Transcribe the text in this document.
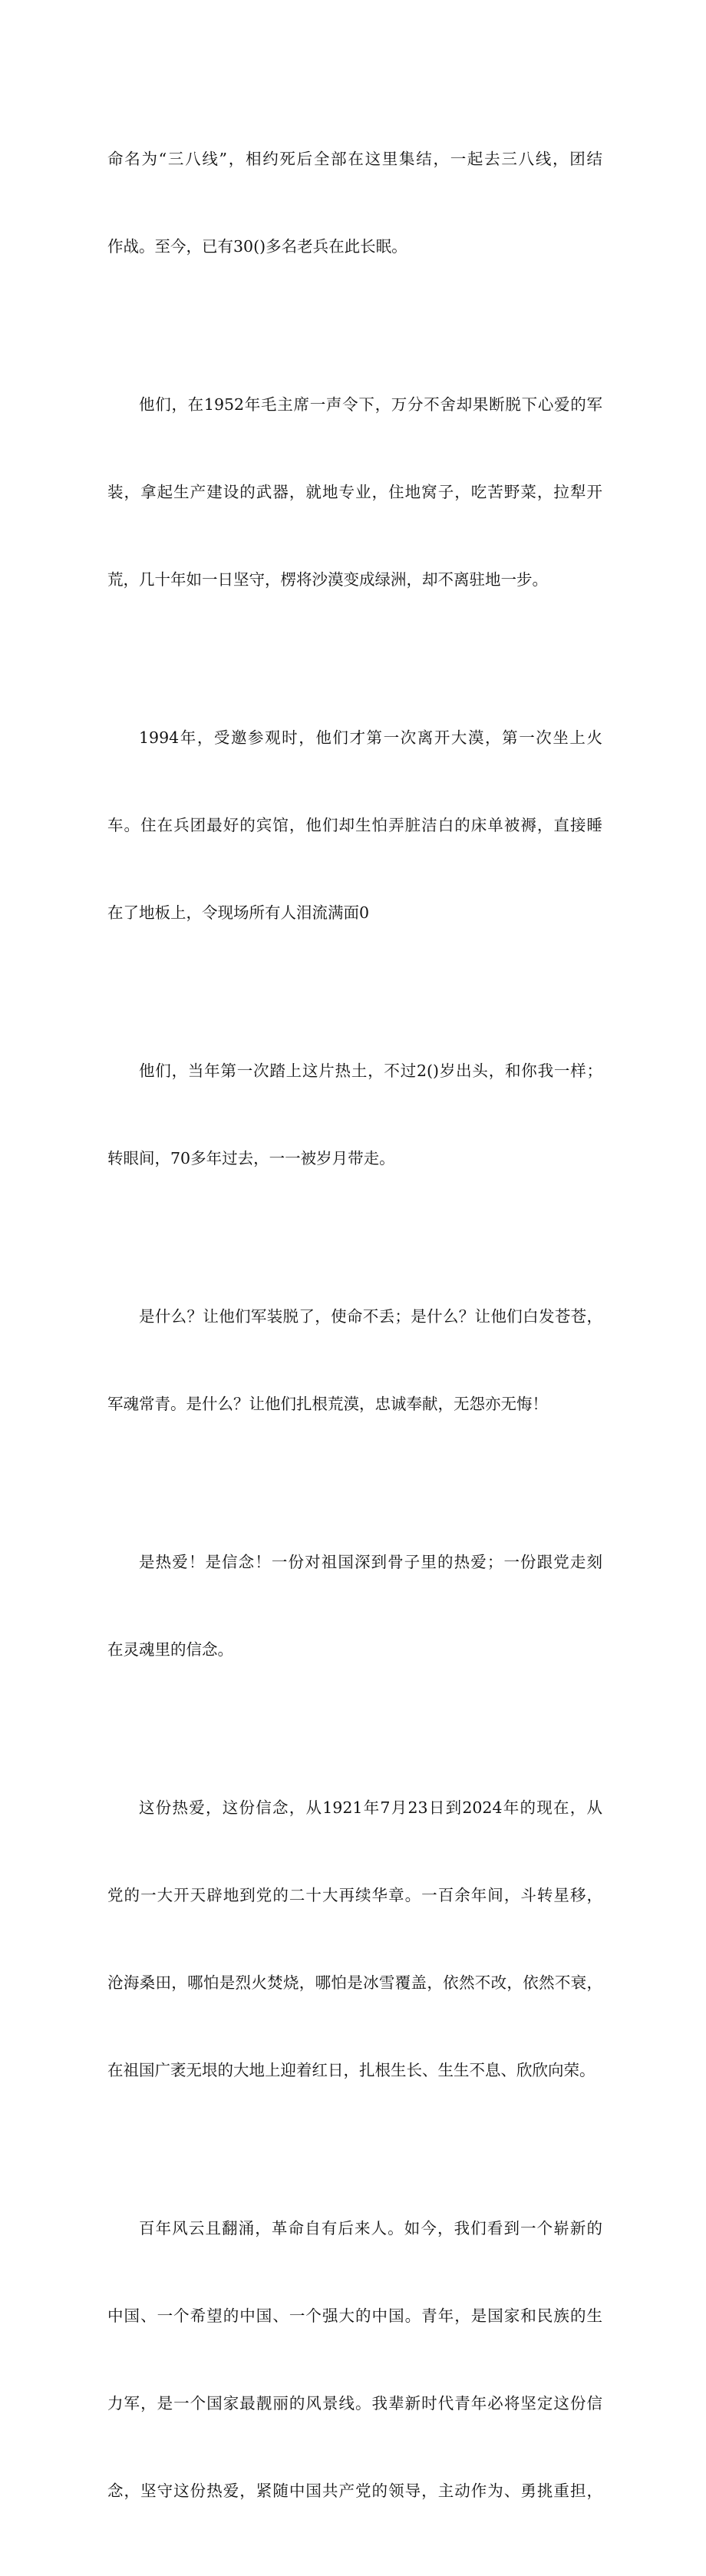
命名为“三八线”，相约死后全部在这里集结，一起去三八线，团结

作战。至今，已有30()多名老兵在此长眠。

他们，在1952年毛主席一声令下，万分不舍却果断脱下心爱的军

装，拿起生产建设的武器，就地专业，住地窝子，吃苦野菜，拉犁开

荒，几十年如一日坚守，楞将沙漠变成绿洲，却不离驻地一步。

1994年，受邀参观时，他们才第一次离开大漠，第一次坐上火

车。住在兵团最好的宾馆，他们却生怕弄脏洁白的床单被褥，直接睡

在了地板上，令现场所有人泪流满面0

他们，当年第一次踏上这片热土，不过2()岁出头，和你我一样；

转眼间，70多年过去，一一被岁月带走。

是什么？让他们军装脱了，使命不丢；是什么？让他们白发苍苍，

军魂常青。是什么？让他们扎根荒漠，忠诚奉献，无怨亦无悔！

是热爱！是信念！一份对祖国深到骨子里的热爱；一份跟党走刻

在灵魂里的信念。

这份热爱，这份信念，从1921年7月23日到2024年的现在，从

党的一大开天辟地到党的二十大再续华章。一百余年间，斗转星移，

沧海桑田，哪怕是烈火焚烧，哪怕是冰雪覆盖，依然不改，依然不衰，

在祖国广袤无垠的大地上迎着红日，扎根生长、生生不息、欣欣向荣。

百年风云且翻涌，革命自有后来人。如今，我们看到一个崭新的

中国、一个希望的中国、一个强大的中国。青年，是国家和民族的生

力军，是一个国家最靓丽的风景线。我辈新时代青年必将坚定这份信

念，坚守这份热爱，紧随中国共产党的领导，主动作为、勇挑重担，
